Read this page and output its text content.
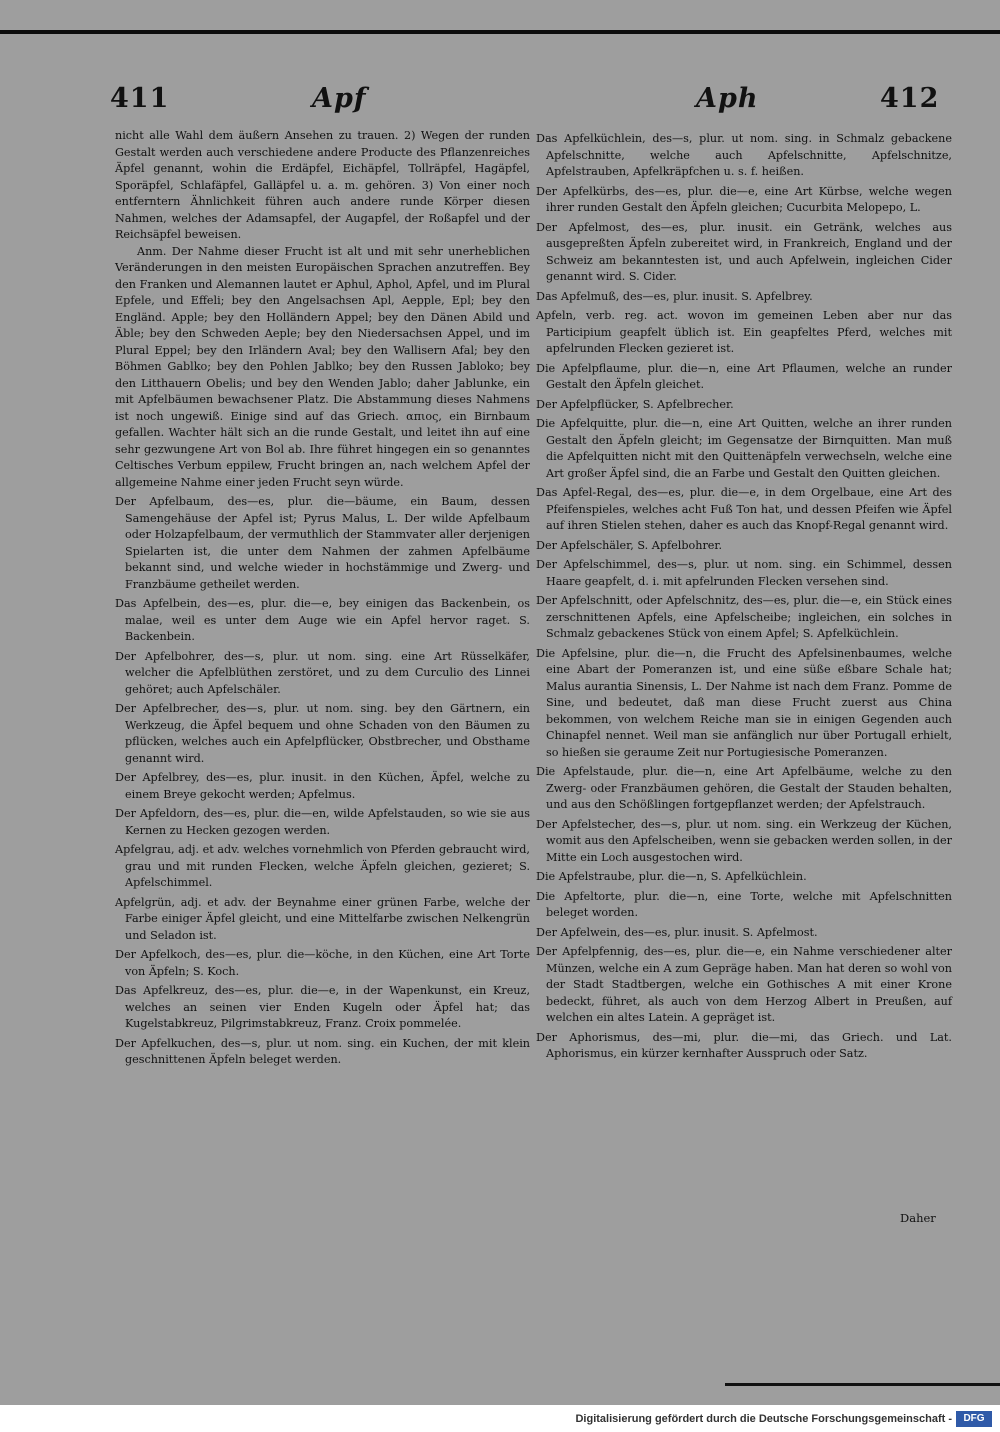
411	Apf	Aph	412

nicht alle Wahl dem äußern Ansehen zu trauen. 2) Wegen der runden Gestalt werden auch verschiedene andere Producte des Pflanzenreiches Äpfel genannt, wohin die Erdäpfel, Eichäpfel, Tollräpfel, Hagäpfel, Sporäpfel, Schlafäpfel, Galläpfel u. a. m. gehören. 3) Von einer noch entferntern Ähnlichkeit führen auch andere runde Körper diesen Nahmen, welches der Adamsapfel, der Augapfel, der Roßapfel und der Reichsäpfel beweisen.

Anm. Der Nahme dieser Frucht ist alt und mit sehr unerheblichen Veränderungen in den meisten Europäischen Sprachen anzutreffen. Bey den Franken und Alemannen lautet er Aphul, Aphol, Apfel, und im Plural Epfele, und Effeli; bey den Angelsachsen Apl, Aepple, Epl; bey den Engländ. Apple; bey den Holländern Appel; bey den Dänen Abild und Äble; bey den Schweden Aeple; bey den Niedersachsen Appel, und im Plural Eppel; bey den Irländern Aval; bey den Wallisern Afal; bey den Böhmen Gablko; bey den Pohlen Jablko; bey den Russen Jabloko; bey den Litthauern Obelis; und bey den Wenden Jablo; daher Jablunke, ein mit Apfelbäumen bewachsener Platz. Die Abstammung dieses Nahmens ist noch ungewiß. Einige sind auf das Griech. απιος, ein Birnbaum gefallen. Wachter hält sich an die runde Gestalt, und leitet ihn auf eine sehr gezwungene Art von Bol ab. Ihre führet hingegen ein so genanntes Celtisches Verbum eppilew, Frucht bringen an, nach welchem Apfel der allgemeine Nahme einer jeden Frucht seyn würde.

Der Apfelbaum, des—es, plur. die—bäume, ein Baum, dessen Samengehäuse der Apfel ist; Pyrus Malus, L. Der wilde Apfelbaum oder Holzapfelbaum, der vermuthlich der Stammvater aller derjenigen Spielarten ist, die unter dem Nahmen der zahmen Apfelbäume bekannt sind, und welche wieder in hochstämmige und Zwerg- und Franzbäume getheilet werden.

Das Apfelbein, des—es, plur. die—e, bey einigen das Backenbein, os malae, weil es unter dem Auge wie ein Apfel hervor raget. S. Backenbein.

Der Apfelbohrer, des—s, plur. ut nom. sing. eine Art Rüsselkäfer, welcher die Apfelblüthen zerstöret, und zu dem Curculio des Linnei gehöret; auch Apfelschäler.

Der Apfelbrecher, des—s, plur. ut nom. sing. bey den Gärtnern, ein Werkzeug, die Äpfel bequem und ohne Schaden von den Bäumen zu pflücken, welches auch ein Apfelpflücker, Obstbrecher, und Obsthame genannt wird.

Der Apfelbrey, des—es, plur. inusit. in den Küchen, Äpfel, welche zu einem Breye gekocht werden; Apfelmus.

Der Apfeldorn, des—es, plur. die—en, wilde Apfelstauden, so wie sie aus Kernen zu Hecken gezogen werden.

Apfelgrau, adj. et adv. welches vornehmlich von Pferden gebraucht wird, grau und mit runden Flecken, welche Äpfeln gleichen, gezieret; S. Apfelschimmel.

Apfelgrün, adj. et adv. der Beynahme einer grünen Farbe, welche der Farbe einiger Äpfel gleicht, und eine Mittelfarbe zwischen Nelkengrün und Seladon ist.

Der Apfelkoch, des—es, plur. die—köche, in den Küchen, eine Art Torte von Äpfeln; S. Koch.

Das Apfelkreuz, des—es, plur. die—e, in der Wapenkunst, ein Kreuz, welches an seinen vier Enden Kugeln oder Äpfel hat; das Kugelstabkreuz, Pilgrimstabkreuz, Franz. Croix pommelée.

Der Apfelkuchen, des—s, plur. ut nom. sing. ein Kuchen, der mit klein geschnittenen Äpfeln beleget werden.

Das Apfelküchlein, des—s, plur. ut nom. sing. in Schmalz gebackene Apfelschnitte, welche auch Apfelschnitte, Apfelschnitze, Apfelstrauben, Apfelkräpfchen u. s. f. heißen.

Der Apfelkürbs, des—es, plur. die—e, eine Art Kürbse, welche wegen ihrer runden Gestalt den Äpfeln gleichen; Cucurbita Melopepo, L.

Der Apfelmost, des—es, plur. inusit. ein Getränk, welches aus ausgepreßten Äpfeln zubereitet wird, in Frankreich, England und der Schweiz am bekanntesten ist, und auch Apfelwein, ingleichen Cider genannt wird. S. Cider.

Das Apfelmuß, des—es, plur. inusit. S. Apfelbrey.

Apfeln, verb. reg. act. wovon im gemeinen Leben aber nur das Participium geapfelt üblich ist. Ein geapfeltes Pferd, welches mit apfelrunden Flecken gezieret ist.

Die Apfelpflaume, plur. die—n, eine Art Pflaumen, welche an runder Gestalt den Äpfeln gleichet.

Der Apfelpflücker, S. Apfelbrecher.

Die Apfelquitte, plur. die—n, eine Art Quitten, welche an ihrer runden Gestalt den Äpfeln gleicht; im Gegensatze der Birnquitten. Man muß die Apfelquitten nicht mit den Quittenäpfeln verwechseln, welche eine Art großer Äpfel sind, die an Farbe und Gestalt den Quitten gleichen.

Das Apfel-Regal, des—es, plur. die—e, in dem Orgelbaue, eine Art des Pfeifenspieles, welches acht Fuß Ton hat, und dessen Pfeifen wie Äpfel auf ihren Stielen stehen, daher es auch das Knopf-Regal genannt wird.

Der Apfelschäler, S. Apfelbohrer.

Der Apfelschimmel, des—s, plur. ut nom. sing. ein Schimmel, dessen Haare geapfelt, d. i. mit apfelrunden Flecken versehen sind.

Der Apfelschnitt, oder Apfelschnitz, des—es, plur. die—e, ein Stück eines zerschnittenen Apfels, eine Apfelscheibe; ingleichen, ein solches in Schmalz gebackenes Stück von einem Apfel; S. Apfelküchlein.

Die Apfelsine, plur. die—n, die Frucht des Apfelsinenbaumes, welche eine Abart der Pomeranzen ist, und eine süße eßbare Schale hat; Malus aurantia Sinensis, L. Der Nahme ist nach dem Franz. Pomme de Sine, und bedeutet, daß man diese Frucht zuerst aus China bekommen, von welchem Reiche man sie in einigen Gegenden auch Chinapfel nennet. Weil man sie anfänglich nur über Portugall erhielt, so hießen sie geraume Zeit nur Portugiesische Pomeranzen.

Die Apfelstaude, plur. die—n, eine Art Apfelbäume, welche zu den Zwerg- oder Franzbäumen gehören, die Gestalt der Stauden behalten, und aus den Schößlingen fortgepflanzet werden; der Apfelstrauch.

Der Apfelstecher, des—s, plur. ut nom. sing. ein Werkzeug der Küchen, womit aus den Apfelscheiben, wenn sie gebacken werden sollen, in der Mitte ein Loch ausgestochen wird.

Die Apfelstraube, plur. die—n, S. Apfelküchlein.

Die Apfeltorte, plur. die—n, eine Torte, welche mit Apfelschnitten beleget worden.

Der Apfelwein, des—es, plur. inusit. S. Apfelmost.

Der Apfelpfennig, des—es, plur. die—e, ein Nahme verschiedener alter Münzen, welche ein A zum Gepräge haben. Man hat deren so wohl von der Stadt Stadtbergen, welche ein Gothisches A mit einer Krone bedeckt, führet, als auch von dem Herzog Albert in Preußen, auf welchen ein altes Latein. A gepräget ist.

Der Aphorismus, des—mi, plur. die—mi, das Griech. und Lat. Aphorismus, ein kürzer kernhafter Ausspruch oder Satz.

Daher
Digitalisierung gefördert durch die Deutsche Forschungsgemeinschaft -	DFG
